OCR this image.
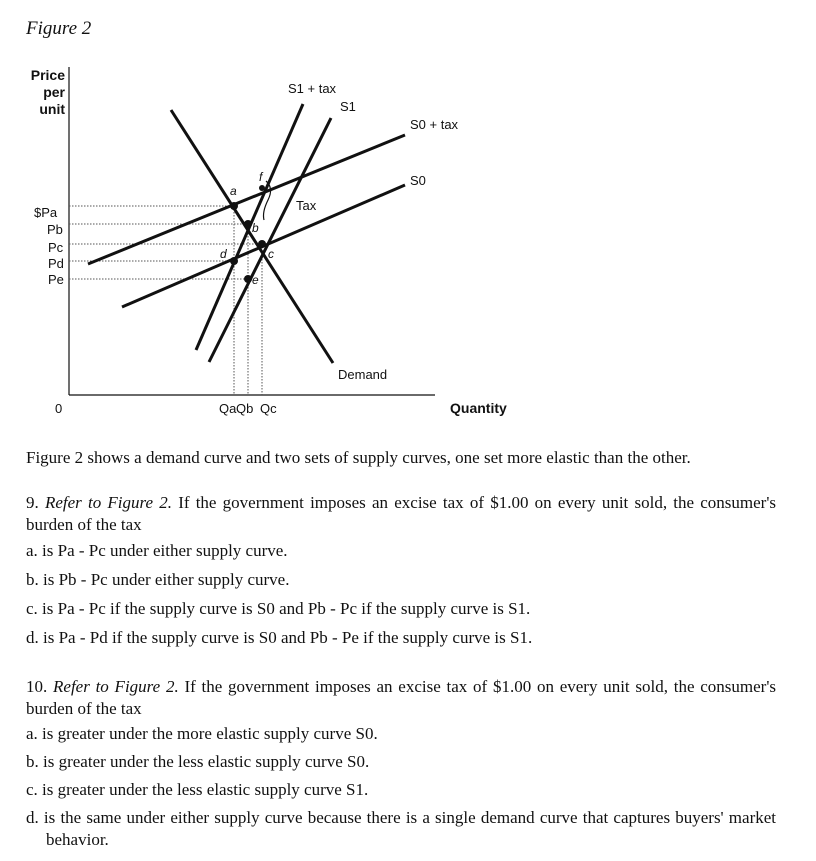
Figure 2
Price
per
unit
Quantity
0
$Pa
Pb
Pc
Pd
Pe
Qa Qb Qc
Tax
S1 + tax
S1
S0 + tax
S0
Demand
a
b
c
d
e
f

Figure 2 shows a demand curve and two sets of supply curves, one set more elastic than the other.

9. Refer to Figure 2. If the government imposes an excise tax of $1.00 on every unit sold, the consumer's burden of the tax

a. is Pa - Pc under either supply curve.

b. is Pb - Pc under either supply curve.

c. is Pa - Pc if the supply curve is S0 and Pb - Pc if the supply curve is S1.

d. is Pa - Pd if the supply curve is S0 and Pb - Pe if the supply curve is S1.

10. Refer to Figure 2. If the government imposes an excise tax of $1.00 on every unit sold, the consumer's burden of the tax

a. is greater under the more elastic supply curve S0.

b. is greater under the less elastic supply curve S0.

c. is greater under the less elastic supply curve S1.

d. is the same under either supply curve because there is a single demand curve that captures buyers' market behavior.
